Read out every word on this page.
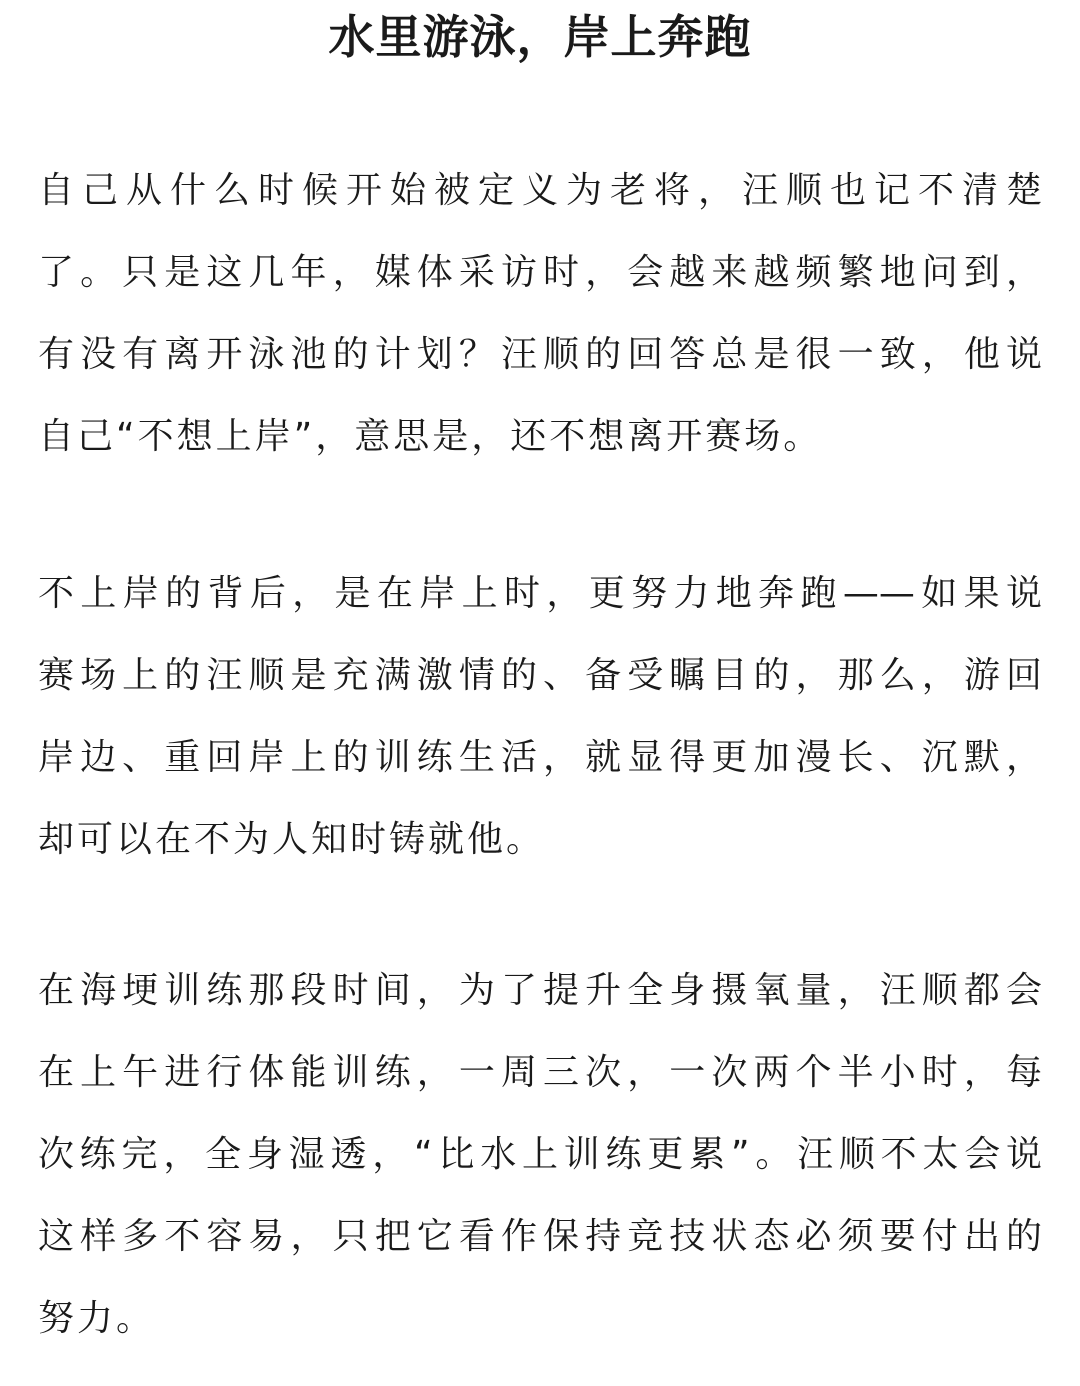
水里游泳，岸上奔跑
自己从什么时候开始被定义为老将，汪顺也记不清楚
了。只是这几年，媒体采访时，会越来越频繁地问到，
有没有离开泳池的计划？汪顺的回答总是很一致，他说
自己“不想上岸”，意思是，还不想离开赛场。
不上岸的背后，是在岸上时，更努力地奔跑——如果说
赛场上的汪顺是充满激情的、备受瞩目的，那么，游回
岸边、重回岸上的训练生活，就显得更加漫长、沉默，
却可以在不为人知时铸就他。
在海埂训练那段时间，为了提升全身摄氧量，汪顺都会
在上午进行体能训练，一周三次，一次两个半小时，每
次练完，全身湿透，“比水上训练更累”。汪顺不太会说
这样多不容易，只把它看作保持竞技状态必须要付出的
努力。
